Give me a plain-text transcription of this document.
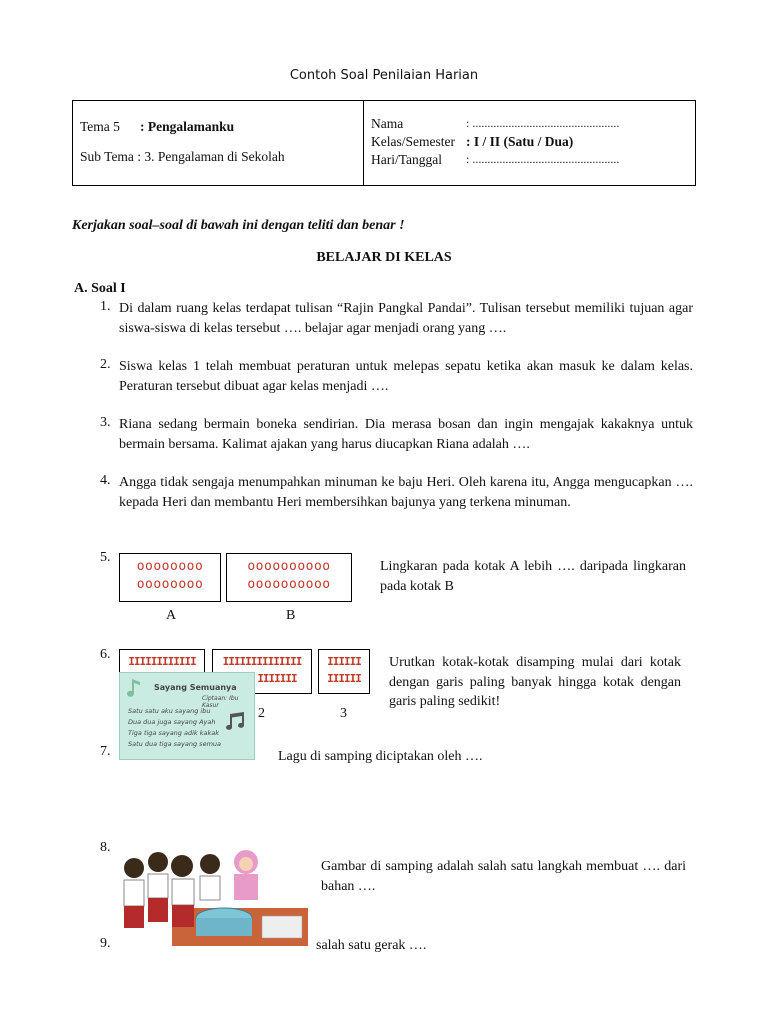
Contoh Soal Penilaian Harian
Tema 5 : Pengalamanku
Sub Tema : 3. Pengalaman di Sekolah
Nama	: .................................................
Kelas/Semester : I / II (Satu / Dua)
Hari/Tanggal : .................................................
Kerjakan soal–soal di bawah ini dengan teliti dan benar !
BELAJAR DI KELAS
A. Soal I
1. Di dalam ruang kelas terdapat tulisan “Rajin Pangkal Pandai”. Tulisan tersebut memiliki tujuan agar siswa-siswa di kelas tersebut …. belajar agar menjadi orang yang ….
2. Siswa kelas 1 telah membuat peraturan untuk melepas sepatu ketika akan masuk ke dalam kelas. Peraturan tersebut dibuat agar kelas menjadi ….
3. Riana sedang bermain boneka sendirian. Dia merasa bosan dan ingin mengajak kakaknya untuk bermain bersama. Kalimat ajakan yang harus diucapkan Riana adalah ….
4. Angga tidak sengaja menumpahkan minuman ke baju Heri. Oleh karena itu, Angga mengucapkan …. kepada Heri dan membantu Heri membersihkan bajunya yang terkena minuman.
5.
oooooooo
oooooooo
oooooooooo
oooooooooo
A	B
Lingkaran pada kotak A lebih …. daripada lingkaran pada kotak B
6.	IIIIIIIIIIII	IIIIIIIIIIIIII
IIIIIII
IIIIII
IIIIII
2	3
Urutkan kotak-kotak disamping mulai dari kotak dengan garis paling banyak hingga kotak dengan garis paling sedikit!
Sayang Semuanya
Ciptaan: Ibu Kasur
Satu satu aku sayang ibu
Dua dua juga sayang Ayah
Tiga tiga sayang adik kakak
Satu dua tiga sayang semua
7.	Lagu di samping diciptakan oleh ….
8.
Gambar di samping adalah salah satu langkah membuat …. dari bahan ….
9.	salah satu gerak ….
